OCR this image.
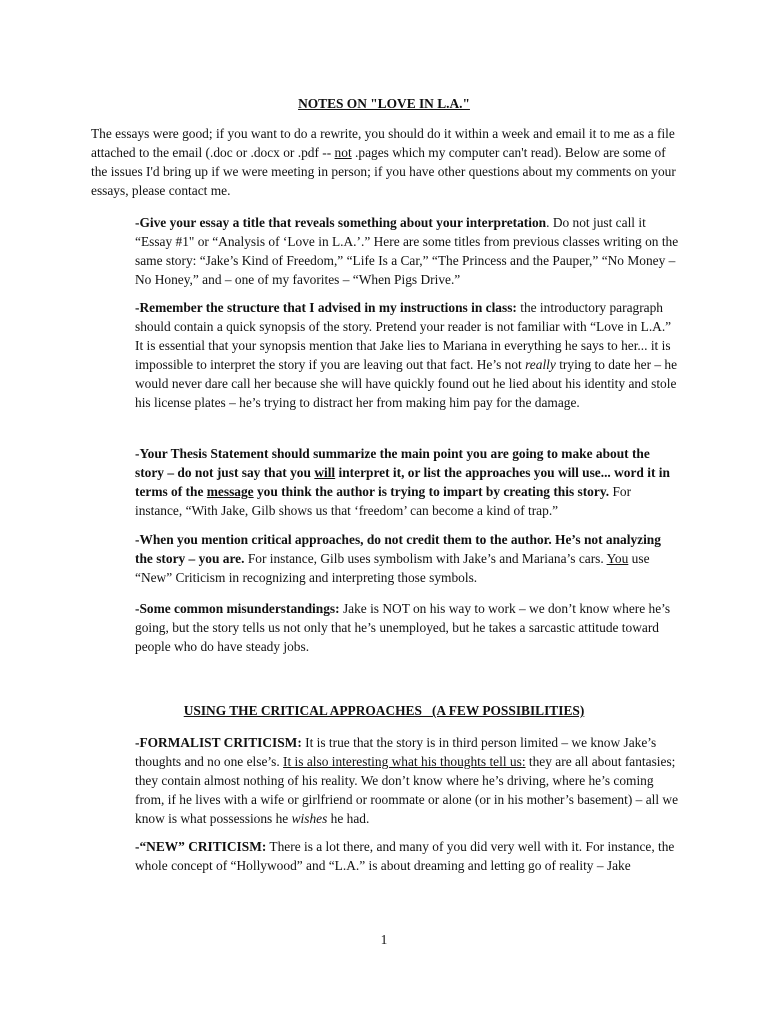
NOTES ON "LOVE IN L.A."

The essays were good; if you want to do a rewrite, you should do it within a week and email it to me as a file attached to the email (.doc or .docx or .pdf -- not .pages which my computer can't read). Below are some of the issues I'd bring up if we were meeting in person; if you have other questions about my comments on your essays, please contact me.

-Give your essay a title that reveals something about your interpretation. Do not just call it “Essay #1" or “Analysis of ‘Love in L.A.’.” Here are some titles from previous classes writing on the same story: “Jake’s Kind of Freedom,” “Life Is a Car,” “The Princess and the Pauper,” “No Money – No Honey,” and – one of my favorites – “When Pigs Drive.”

-Remember the structure that I advised in my instructions in class: the introductory paragraph should contain a quick synopsis of the story. Pretend your reader is not familiar with “Love in L.A.” It is essential that your synopsis mention that Jake lies to Mariana in everything he says to her... it is impossible to interpret the story if you are leaving out that fact. He’s not really trying to date her – he would never dare call her because she will have quickly found out he lied about his identity and stole his license plates – he’s trying to distract her from making him pay for the damage.

-Your Thesis Statement should summarize the main point you are going to make about the story – do not just say that you will interpret it, or list the approaches you will use... word it in terms of the message you think the author is trying to impart by creating this story. For instance, “With Jake, Gilb shows us that ‘freedom’ can become a kind of trap.”

-When you mention critical approaches, do not credit them to the author. He’s not analyzing the story – you are. For instance, Gilb uses symbolism with Jake’s and Mariana’s cars. You use “New” Criticism in recognizing and interpreting those symbols.

-Some common misunderstandings: Jake is NOT on his way to work – we don’t know where he’s going, but the story tells us not only that he’s unemployed, but he takes a sarcastic attitude toward people who do have steady jobs.

USING THE CRITICAL APPROACHES   (A FEW POSSIBILITIES)

-FORMALIST CRITICISM: It is true that the story is in third person limited – we know Jake’s thoughts and no one else’s. It is also interesting what his thoughts tell us: they are all about fantasies; they contain almost nothing of his reality. We don’t know where he’s driving, where he’s coming from, if he lives with a wife or girlfriend or roommate or alone (or in his mother’s basement) – all we know is what possessions he wishes he had.

-“NEW” CRITICISM: There is a lot there, and many of you did very well with it. For instance, the whole concept of “Hollywood” and “L.A.” is about dreaming and letting go of reality – Jake

1
